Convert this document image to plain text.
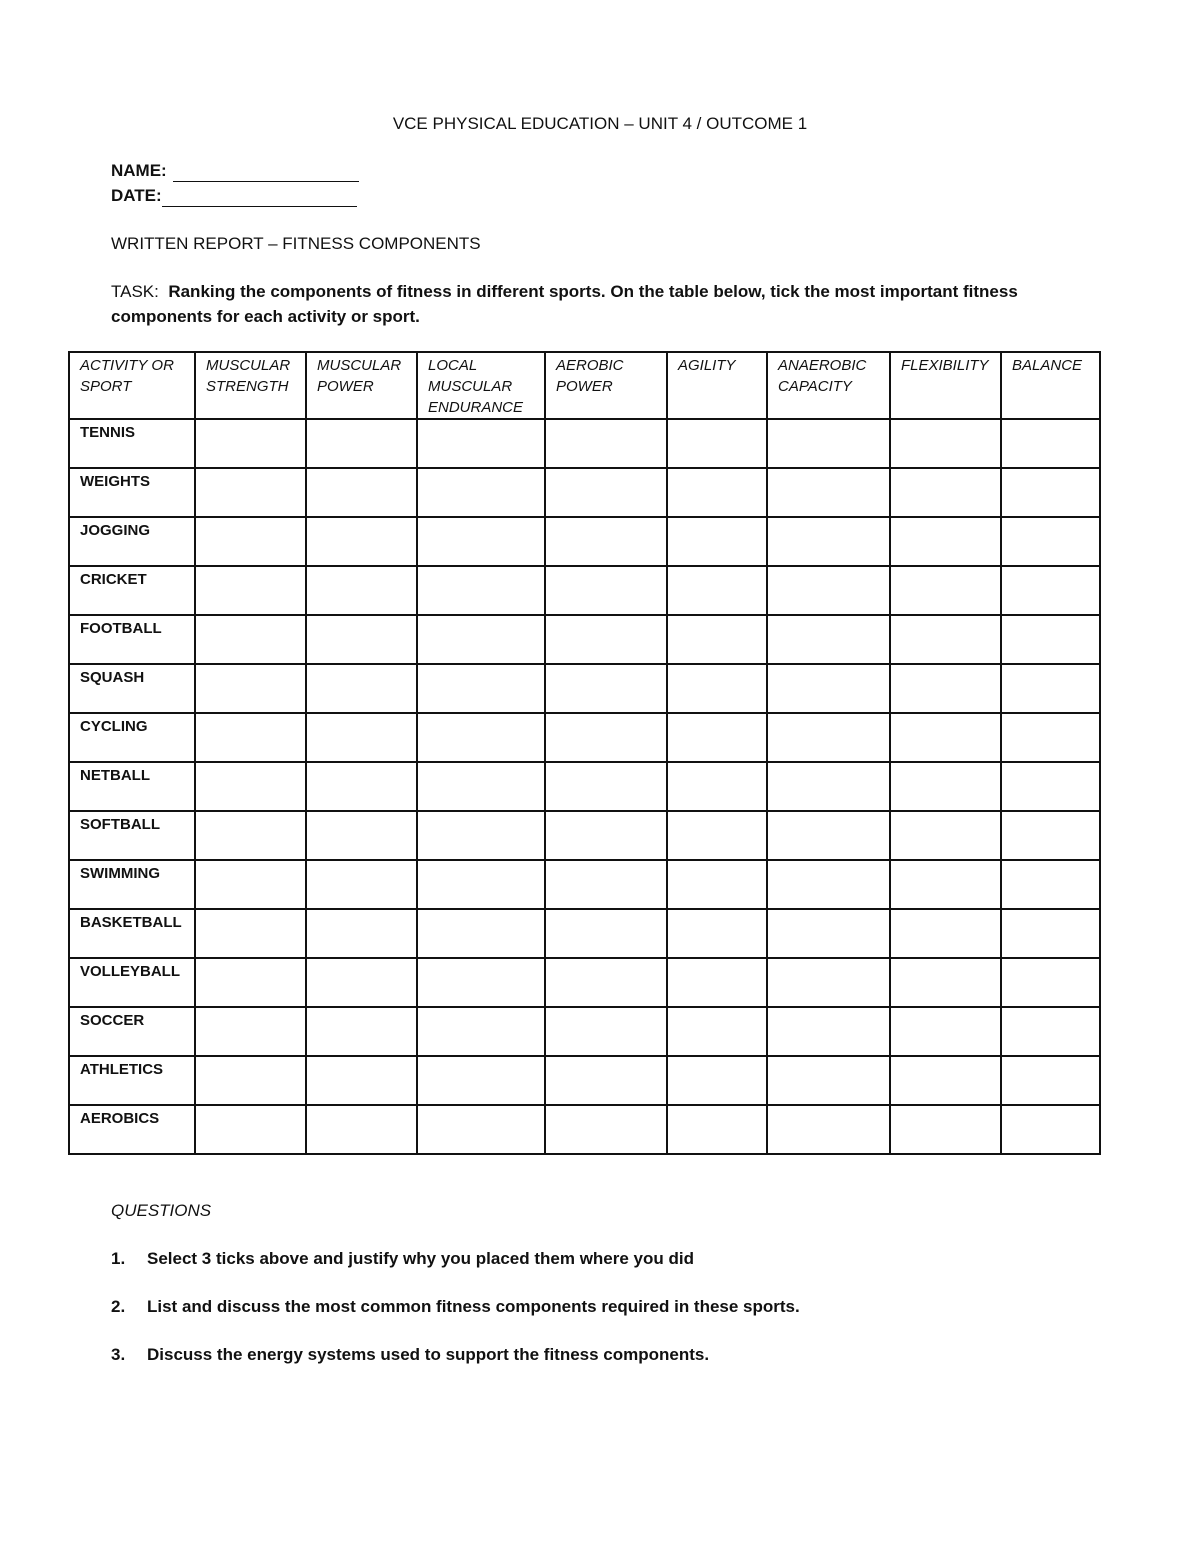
VCE PHYSICAL EDUCATION – UNIT 4 / OUTCOME 1
NAME:
DATE:
WRITTEN REPORT – FITNESS COMPONENTS
TASK: Ranking the components of fitness in different sports. On the table below, tick the most important fitness components for each activity or sport.
ACTIVITY OR SPORT	MUSCULAR STRENGTH	MUSCULAR POWER	LOCAL MUSCULAR ENDURANCE	AEROBIC POWER	AGILITY	ANAEROBIC CAPACITY	FLEXIBILITY	BALANCE
TENNIS								
WEIGHTS								
JOGGING								
CRICKET								
FOOTBALL								
SQUASH								
CYCLING								
NETBALL								
SOFTBALL								
SWIMMING								
BASKETBALL								
VOLLEYBALL								
SOCCER								
ATHLETICS								
AEROBICS								
QUESTIONS
1.	Select 3 ticks above and justify why you placed them where you did
2.	List and discuss the most common fitness components required in these sports.
3.	Discuss the energy systems used to support the fitness components.
